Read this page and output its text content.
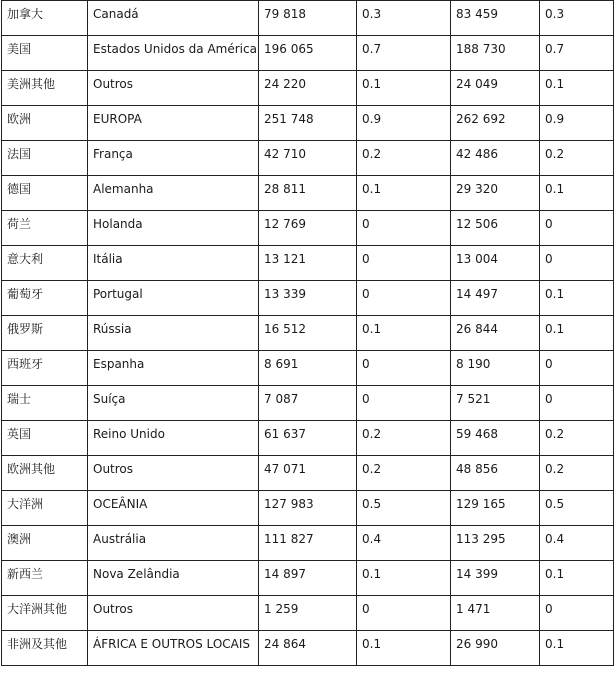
加拿大	Canadá	79 818	0.3	83 459	0.3

美国	Estados Unidos da América	196 065	0.7	188 730	0.7

美洲其他	Outros	24 220	0.1	24 049	0.1

欧洲	EUROPA	251 748	0.9	262 692	0.9

法国	França	42 710	0.2	42 486	0.2

德国	Alemanha	28 811	0.1	29 320	0.1

荷兰	Holanda	12 769	0	12 506	0

意大利	Itália	13 121	0	13 004	0

葡萄牙	Portugal	13 339	0	14 497	0.1

俄罗斯	Rússia	16 512	0.1	26 844	0.1

西班牙	Espanha	8 691	0	8 190	0

瑞士	Suíça	7 087	0	7 521	0

英国	Reino Unido	61 637	0.2	59 468	0.2

欧洲其他	Outros	47 071	0.2	48 856	0.2

大洋洲	OCEÂNIA	127 983	0.5	129 165	0.5

澳洲	Austrália	111 827	0.4	113 295	0.4

新西兰	Nova Zelândia	14 897	0.1	14 399	0.1

大洋洲其他	Outros	1 259	0	1 471	0

非洲及其他	ÁFRICA E OUTROS LOCAIS	24 864	0.1	26 990	0.1
